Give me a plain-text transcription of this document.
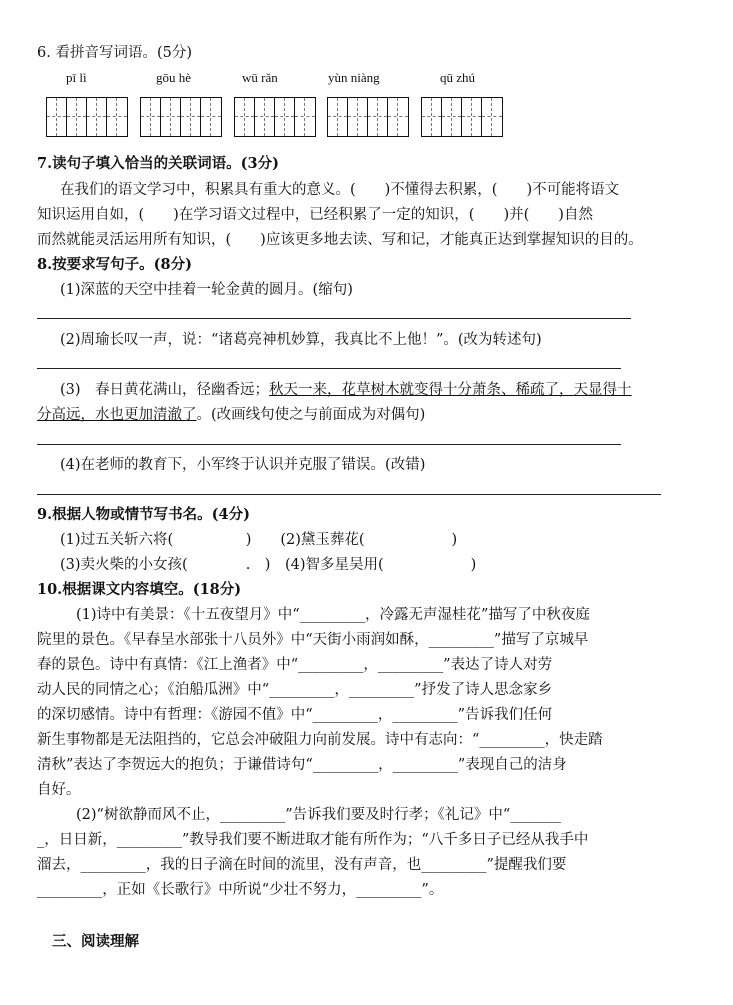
6. 看拼音写词语。(5分)
pī lì	gōu hè	wū rǎn	yùn niàng	qū zhú
7.读句子填入恰当的关联词语。(3分)
在我们的语文学习中，积累具有重大的意义。(　　)不懂得去积累，(　　)不可能将语文
知识运用自如，(　　)在学习语文过程中，已经积累了一定的知识，(　　)并(　　)自然
而然就能灵活运用所有知识，(　　)应该更多地去读、写和记，才能真正达到掌握知识的目的。
8.按要求写句子。(8分)
(1)深蓝的天空中挂着一轮金黄的圆月。(缩句)
(2)周瑜长叹一声，说：“诸葛亮神机妙算，我真比不上他！”。(改为转述句)
(3)　春日黄花满山，径幽香远；秋天一来，花草树木就变得十分萧条、稀疏了，天显得十
分高远，水也更加清澈了。(改画线句使之与前面成为对偶句)
(4)在老师的教育下，小军终于认识并克服了错误。(改错)
9.根据人物或情节写书名。(4分)
(1)过五关斩六将(　　　　　)　　(2)黛玉葬花(　　　　　　)
(3)卖火柴的小女孩(　　　　.　)　(4)智多星吴用(　　　　　　)
10.根据课文内容填空。(18分)
(1)诗中有美景：《十五夜望月》中“_________，冷露无声湿桂花”描写了中秋夜庭
院里的景色。《早春呈水部张十八员外》中“天街小雨润如酥，_________”描写了京城早
春的景色。诗中有真情：《江上渔者》中“_________，_________”表达了诗人对劳
动人民的同情之心；《泊船瓜洲》中“_________，_________”抒发了诗人思念家乡
的深切感情。诗中有哲理：《游园不值》中“_________，_________”告诉我们任何
新生事物都是无法阻挡的，它总会冲破阻力向前发展。诗中有志向：“_________，快走踏
清秋”表达了李贺远大的抱负；于谦借诗句“_________，_________”表现自己的洁身
自好。
(2)“树欲静而风不止，_________”告诉我们要及时行孝；《礼记》中“_______
_，日日新，_________”教导我们要不断进取才能有所作为；“八千多日子已经从我手中
溜去，_________，我的日子滴在时间的流里，没有声音，也_________”提醒我们要
_________，正如《长歌行》中所说“少壮不努力，_________”。
三、阅读理解
